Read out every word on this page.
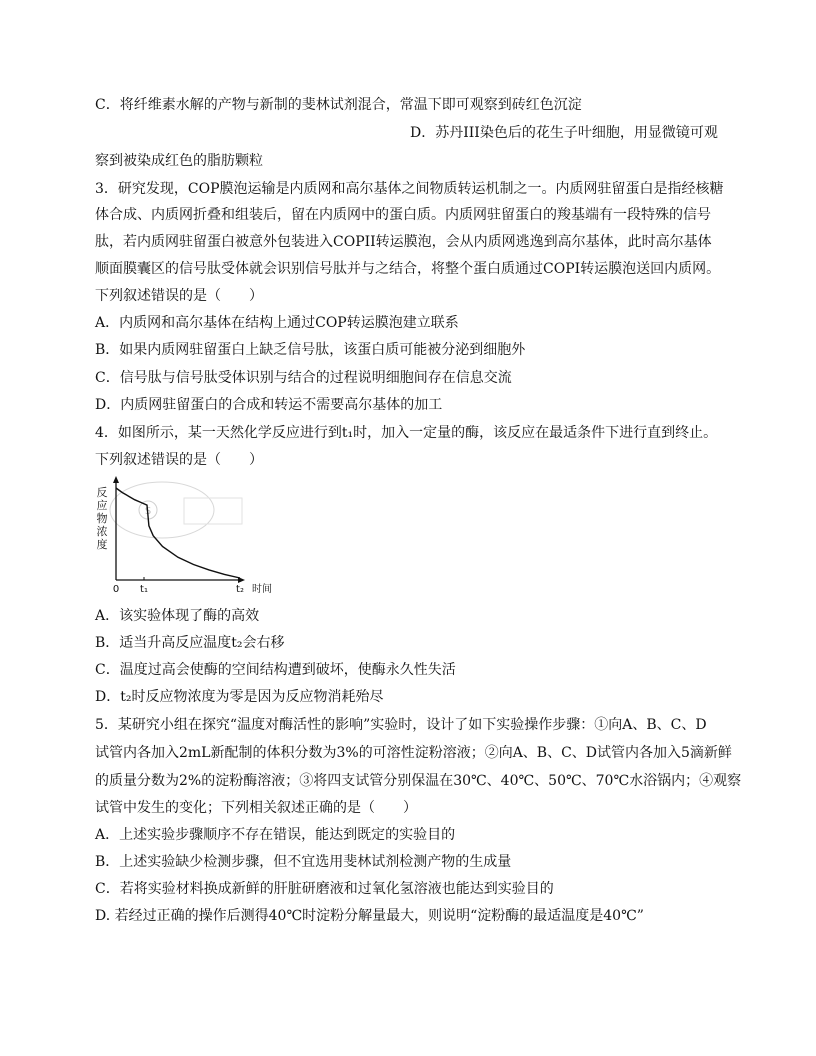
C．将纤维素水解的产物与新制的斐林试剂混合，常温下即可观察到砖红色沉淀
D．苏丹III染色后的花生子叶细胞，用显微镜可观
察到被染成红色的脂肪颗粒
3．研究发现，COP膜泡运输是内质网和高尔基体之间物质转运机制之一。内质网驻留蛋白是指经核糖
体合成、内质网折叠和组装后，留在内质网中的蛋白质。内质网驻留蛋白的羧基端有一段特殊的信号
肽，若内质网驻留蛋白被意外包装进入COPII转运膜泡，会从内质网逃逸到高尔基体，此时高尔基体
顺面膜囊区的信号肽受体就会识别信号肽并与之结合，将整个蛋白质通过COPI转运膜泡送回内质网。
下列叙述错误的是（　　）
A．内质网和高尔基体在结构上通过COP转运膜泡建立联系
B．如果内质网驻留蛋白上缺乏信号肽，该蛋白质可能被分泌到细胞外
C．信号肽与信号肽受体识别与结合的过程说明细胞间存在信息交流
D．内质网驻留蛋白的合成和转运不需要高尔基体的加工
4．如图所示，某一天然化学反应进行到t₁时，加入一定量的酶，该反应在最适条件下进行直到终止。
下列叙述错误的是（　　）
S
反
应
物
浓
度
0 t₁	t₂ 时间
A．该实验体现了酶的高效
B．适当升高反应温度t₂会右移
C．温度过高会使酶的空间结构遭到破坏，使酶永久性失活
D．t₂时反应物浓度为零是因为反应物消耗殆尽
5．某研究小组在探究“温度对酶活性的影响”实验时，设计了如下实验操作步骤：①向A、B、C、D
试管内各加入2mL新配制的体积分数为3%的可溶性淀粉溶液；②向A、B、C、D试管内各加入5滴新鲜
的质量分数为2%的淀粉酶溶液；③将四支试管分别保温在30℃、40℃、50℃、70℃水浴锅内；④观察
试管中发生的变化；下列相关叙述正确的是（　　）
A．上述实验步骤顺序不存在错误，能达到既定的实验目的
B．上述实验缺少检测步骤，但不宜选用斐林试剂检测产物的生成量
C．若将实验材料换成新鲜的肝脏研磨液和过氧化氢溶液也能达到实验目的
D. 若经过正确的操作后测得40℃时淀粉分解量最大，则说明“淀粉酶的最适温度是40℃”
